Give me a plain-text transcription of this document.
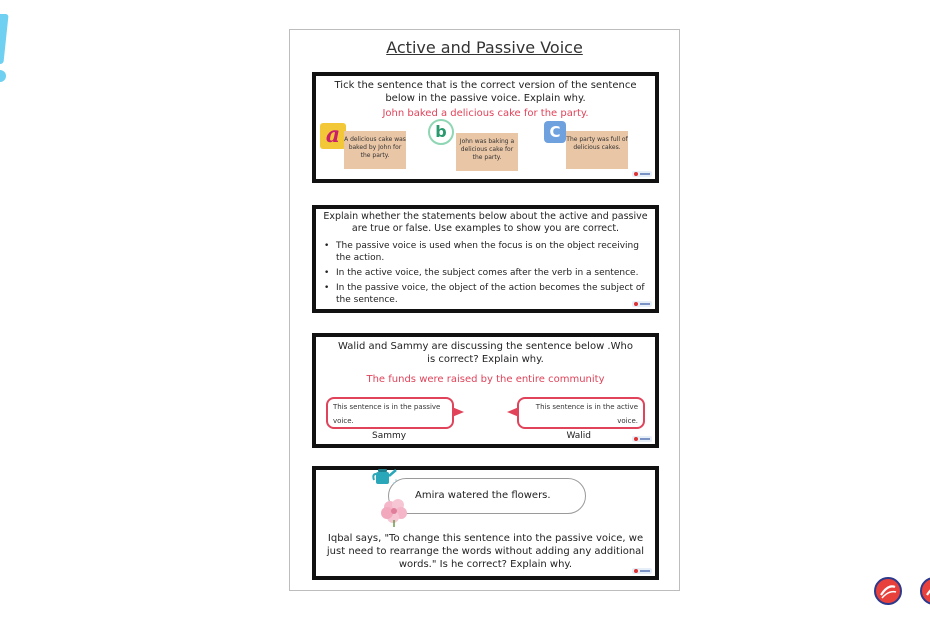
Active and Passive Voice
Tick the sentence that is the correct version of the sentence below in the passive voice. Explain why.
John baked a delicious cake for the party.
a A delicious cake was baked by John for the party.
b
John was baking a delicious cake for the party.
C The party was full of delicious cakes.
Explain whether the statements below about the active and passive are true or false. Use examples to show you are correct.
• The passive voice is used when the focus is on the object receiving the action.
• In the active voice, the subject comes after the verb in a sentence.
• In the passive voice, the object of the action becomes the subject of the sentence.
Walid and Sammy are discussing the sentence below .Who is correct? Explain why.
The funds were raised by the entire community
This sentence is in the passive voice.
This sentence is in the active voice.
Sammy	Walid
Amira watered the flowers.
Iqbal says, "To change this sentence into the passive voice, we just need to rearrange the words without adding any additional words." Is he correct? Explain why.
